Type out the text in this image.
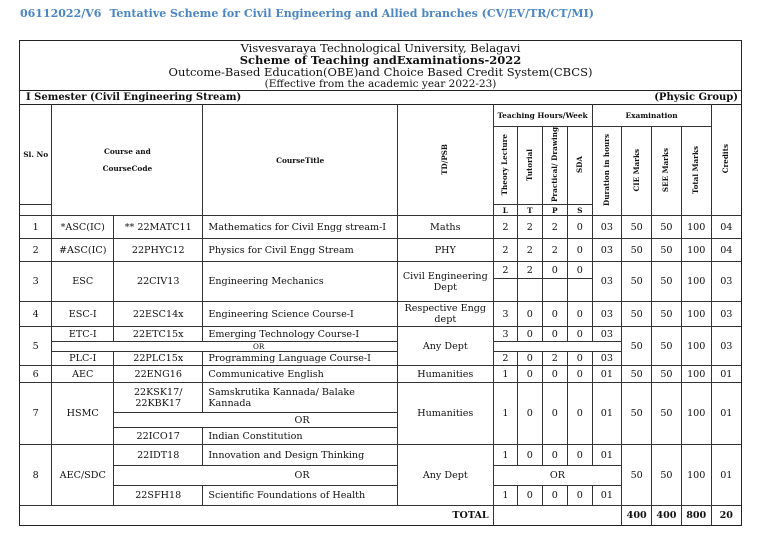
06112022/V6 Tentative Scheme for Civil Engineering and Allied branches (CV/EV/TR/CT/MI)
Visvesvaraya Technological University, Belagavi
Scheme of Teaching andExaminations-2022
Outcome-Based Education(OBE)and Choice Based Credit System(CBCS)
(Effective from the academic year 2022-23)
I Semester (Civil Engineering Stream)	(Physic Group)
Sl. No	Course and
CourseCode		CourseTitle	TD/PSB	Teaching Hours/Week				Examination				Credits
					Theory Lecture	Tutorial	Practical/ Drawing	SDA	Duration in hours	CIE Marks	SEE Marks	Total Marks	
					L	T	P	S					
1	*ASC(IC)	** 22MATC11	Mathematics for Civil Engg stream-I	Maths	2	2	2	0	03	50	50	100	04
2	#ASC(IC)	22PHYC12	Physics for Civil Engg Stream	PHY	2	2	2	0	03	50	50	100	04
3	ESC	22CIV13	Engineering Mechanics	Civil Engineering Dept	2	2	0	0	03	50	50	100	03

4	ESC-I	22ESC14x	Engineering Science Course-I	Respective Engg dept	3	0	0	0	03	50	50	100	03
5	ETC-I	22ETC15x	Emerging Technology Course-I	Any Dept	3	0	0	0	03	50	50	100	03
	OR												
	PLC-I	22PLC15x	Programming Language Course-I		2	0	2	0	03				
6	AEC	22ENG16	Communicative English	Humanities	1	0	0	0	01	50	50	100	01
7	HSMC	22KSK17/ 22KBK17	Samskrutika Kannada/ Balake Kannada	Humanities	1	0	0	0	01	50	50	100	01
		OR											
		22ICO17	Indian Constitution										
8	AEC/SDC	22IDT18	Innovation and Design Thinking	Any Dept	1	0	0	0	01	50	50	100	01
		OR			OR								
		22SFH18	Scientific Foundations of Health		1	0	0	0	01				
TOTAL										400	400	800	20
